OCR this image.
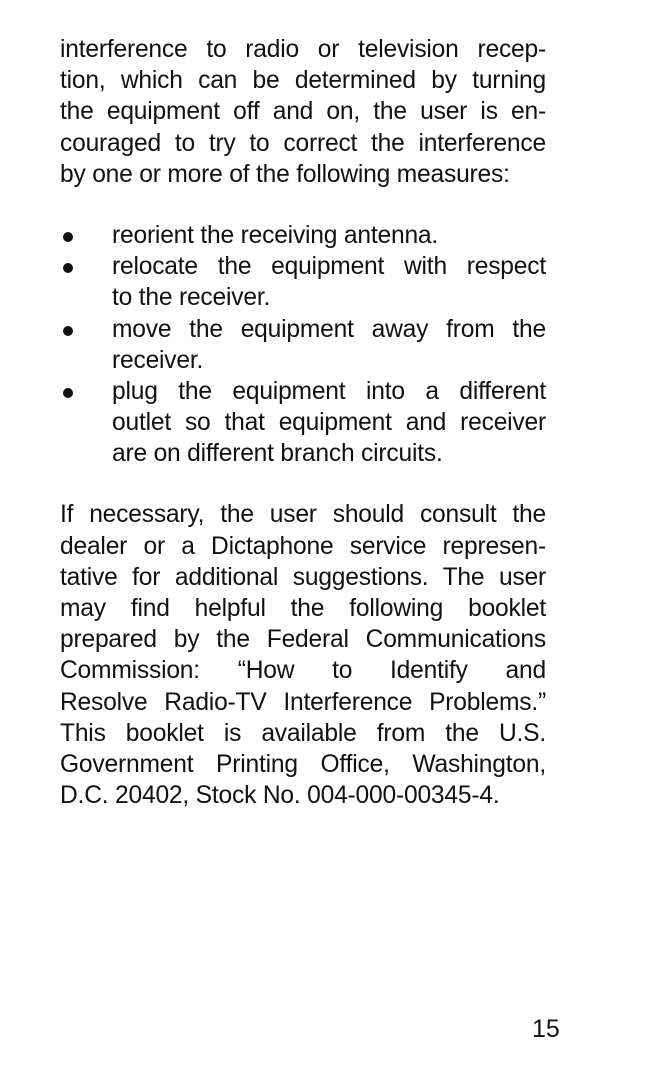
interference to radio or television recep-
tion, which can be determined by turning
the equipment off and on, the user is en-
couraged to try to correct the interference
by one or more of the following measures:

reorient the receiving antenna.
relocate the equipment with respect
to the receiver.
move the equipment away from the
receiver.
plug the equipment into a different
outlet so that equipment and receiver
are on different branch circuits.

If necessary, the user should consult the
dealer or a Dictaphone service represen-
tative for additional suggestions. The user
may find helpful the following booklet
prepared by the Federal Communications
Commission: “How to Identify and
Resolve Radio-TV Interference Problems.”
This booklet is available from the U.S.
Government Printing Office, Washington,
D.C. 20402, Stock No. 004-000-00345-4.

15
